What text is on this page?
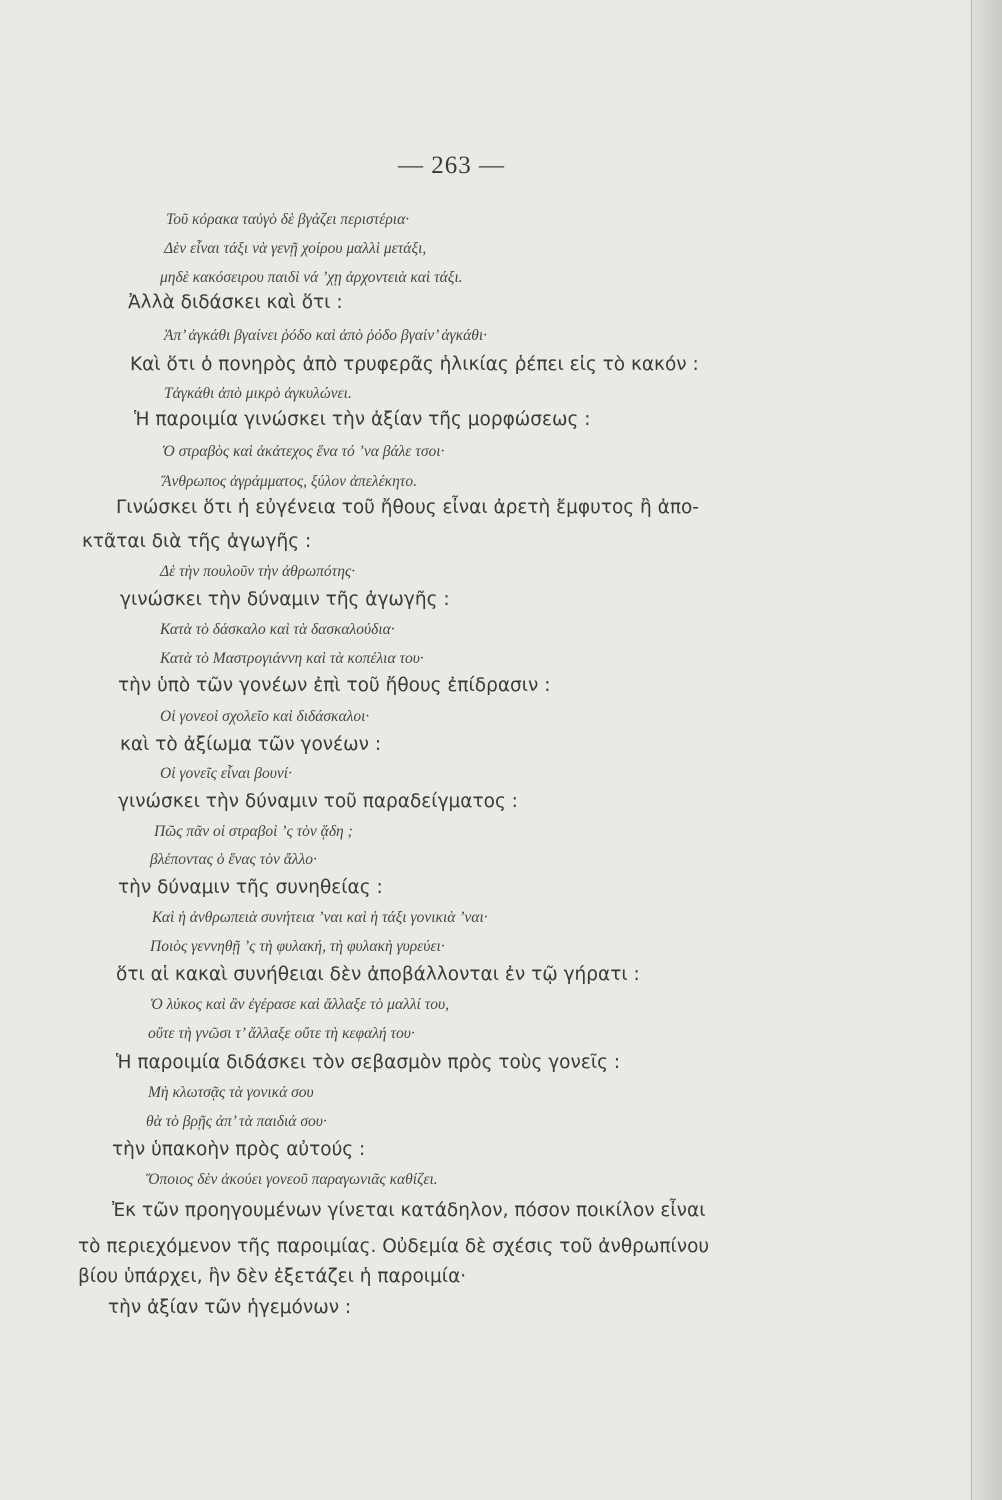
— 263 —
Τοῦ κόρακα ταὐγὸ δὲ βγάζει περιστέρια·
Δὲν εἶναι τάξι νὰ γενῇ χοίρου μαλλὶ μετάξι,
μηδὲ κακόσειρου παιδὶ νά ’χῃ ἀρχοντειὰ καὶ τάξι.
Ἀλλὰ διδάσκει καὶ ὅτι :
Ἀπ’ ἀγκάθι βγαίνει ῥόδο καὶ ἀπὸ ῥόδο βγαίν’ ἀγκάθι·
Καὶ ὅτι ὁ πονηρὸς ἀπὸ τρυφερᾶς ἡλικίας ῥέπει εἰς τὸ κακόν :
Τἀγκάθι ἀπὸ μικρὸ ἀγκυλώνει.
Ἡ παροιμία γινώσκει τὴν ἀξίαν τῆς μορφώσεως :
Ὁ στραβὸς καὶ ἀκάτεχος ἕνα τό ’να βάλε τσοι·
Ἄνθρωπος ἀγράμματος, ξύλον ἀπελέκητο.
Γινώσκει ὅτι ἡ εὐγένεια τοῦ ἤθους εἶναι ἀρετὴ ἔμφυτος ἢ ἀπο-
κτᾶται διὰ τῆς ἀγωγῆς :
Δὲ τὴν πουλοῦν τὴν ἀθρωπότης·
γινώσκει τὴν δύναμιν τῆς ἀγωγῆς :
Κατὰ τὸ δάσκαλο καὶ τὰ δασκαλούδια·
Κατὰ τὸ Μαστρογιάννη καὶ τὰ κοπέλια του·
τὴν ὑπὸ τῶν γονέων ἐπὶ τοῦ ἤθους ἐπίδρασιν :
Οἱ γονεοὶ σχολεῖο καὶ διδάσκαλοι·
καὶ τὸ ἀξίωμα τῶν γονέων :
Οἱ γονεῖς εἶναι βουνί·
γινώσκει τὴν δύναμιν τοῦ παραδείγματος :
Πῶς πᾶν οἱ στραβοὶ ’ς τὸν ᾅδη ;
βλέποντας ὁ ἕνας τὸν ἄλλο·
τὴν δύναμιν τῆς συνηθείας :
Καὶ ἡ ἀνθρωπειὰ συνήτεια ’ναι καὶ ἡ τάξι γονικιὰ ’ναι·
Ποιὸς γεννηθῇ ’ς τὴ φυλακή, τὴ φυλακὴ γυρεύει·
ὅτι αἱ κακαὶ συνήθειαι δὲν ἀποβάλλονται ἐν τῷ γήρατι :
Ὁ λύκος καὶ ἂν ἐγέρασε καὶ ἄλλαξε τὸ μαλλί του,
οὔτε τὴ γνῶσι τ’ ἄλλαξε οὔτε τὴ κεφαλή του·
Ἡ παροιμία διδάσκει τὸν σεβασμὸν πρὸς τοὺς γονεῖς :
Μὴ κλωτσᾷς τὰ γονικά σου
θὰ τὸ βρῇς ἀπ’ τὰ παιδιά σου·
τὴν ὑπακοὴν πρὸς αὐτούς :
Ὅποιος δὲν ἀκούει γονεοῦ παραγωνιᾶς καθίζει.
Ἐκ τῶν προηγουμένων γίνεται κατάδηλον, πόσον ποικίλον εἶναι
τὸ περιεχόμενον τῆς παροιμίας. Οὐδεμία δὲ σχέσις τοῦ ἀνθρωπίνου
βίου ὑπάρχει, ἣν δὲν ἐξετάζει ἡ παροιμία·
τὴν ἀξίαν τῶν ἡγεμόνων :
